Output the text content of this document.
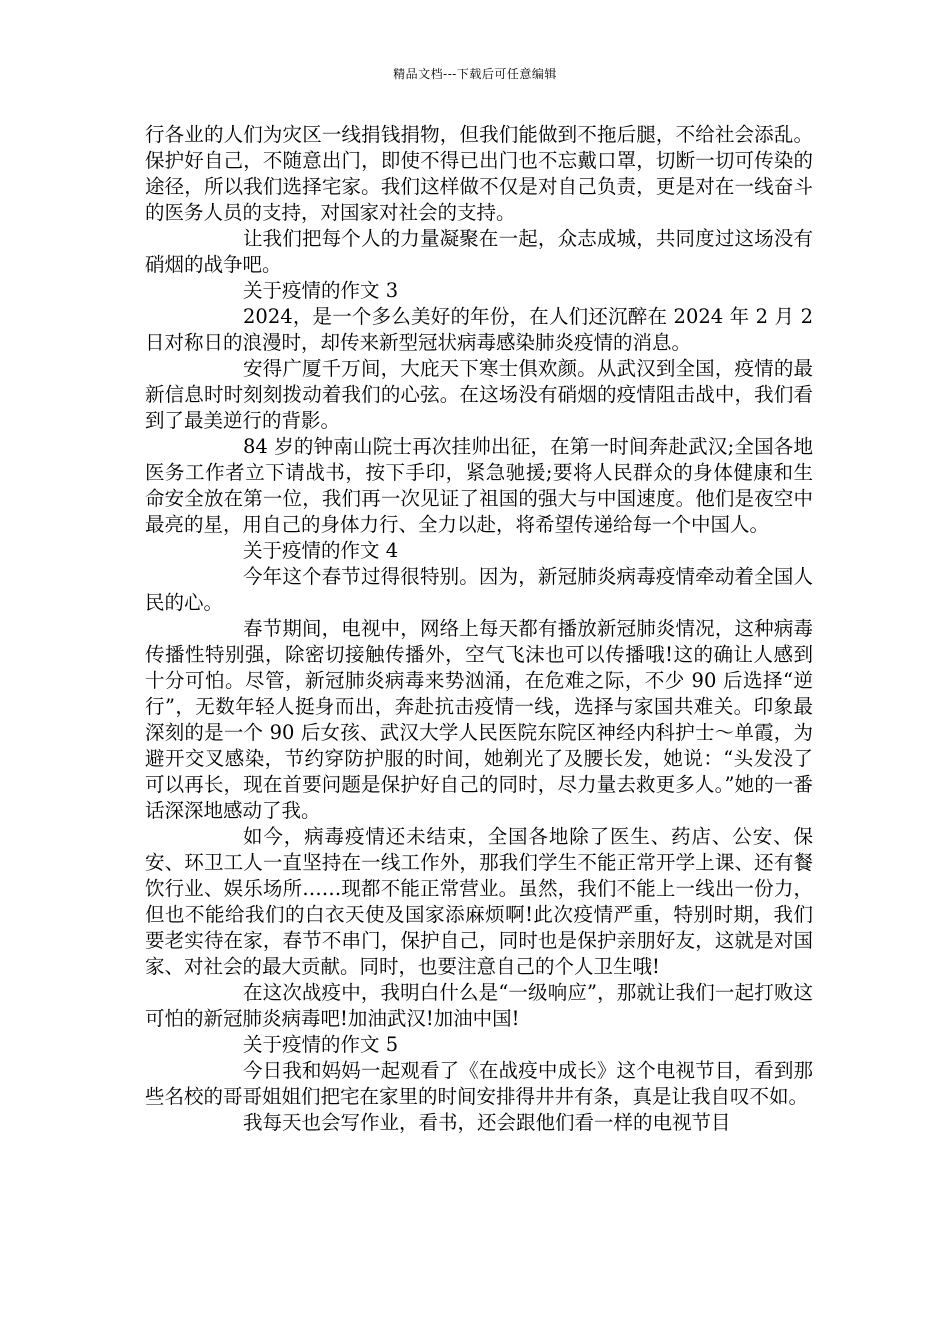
精品文档---下载后可任意编辑

行各业的人们为灾区一线捐钱捐物，但我们能做到不拖后腿，不给社会添乱。保护好自己，不随意出门，即使不得已出门也不忘戴口罩，切断一切可传染的途径，所以我们选择宅家。我们这样做不仅是对自己负责，更是对在一线奋斗的医务人员的支持，对国家对社会的支持。

让我们把每个人的力量凝聚在一起，众志成城，共同度过这场没有硝烟的战争吧。

关于疫情的作文 3

2024，是一个多么美好的年份，在人们还沉醉在 2024 年 2 月 2 日对称日的浪漫时，却传来新型冠状病毒感染肺炎疫情的消息。

安得广厦千万间，大庇天下寒士俱欢颜。从武汉到全国，疫情的最新信息时时刻刻拨动着我们的心弦。在这场没有硝烟的疫情阻击战中，我们看到了最美逆行的背影。

84 岁的钟南山院士再次挂帅出征，在第一时间奔赴武汉;全国各地医务工作者立下请战书，按下手印，紧急驰援;要将人民群众的身体健康和生命安全放在第一位，我们再一次见证了祖国的强大与中国速度。他们是夜空中最亮的星，用自己的身体力行、全力以赴，将希望传递给每一个中国人。

关于疫情的作文 4

今年这个春节过得很特别。因为，新冠肺炎病毒疫情牵动着全国人民的心。

春节期间，电视中，网络上每天都有播放新冠肺炎情况，这种病毒传播性特别强，除密切接触传播外，空气飞沫也可以传播哦!这的确让人感到十分可怕。尽管，新冠肺炎病毒来势汹涌，在危难之际，不少 90 后选择“逆行”，无数年轻人挺身而出，奔赴抗击疫情一线，选择与家国共难关。印象最深刻的是一个 90 后女孩、武汉大学人民医院东院区神经内科护士～单霞，为避开交叉感染，节约穿防护服的时间，她剃光了及腰长发，她说：“头发没了可以再长，现在首要问题是保护好自己的同时，尽力量去救更多人。”她的一番话深深地感动了我。

如今，病毒疫情还未结束，全国各地除了医生、药店、公安、保安、环卫工人一直坚持在一线工作外，那我们学生不能正常开学上课、还有餐饮行业、娱乐场所……现都不能正常营业。虽然，我们不能上一线出一份力，但也不能给我们的白衣天使及国家添麻烦啊!此次疫情严重，特别时期，我们要老实待在家，春节不串门，保护自己，同时也是保护亲朋好友，这就是对国家、对社会的最大贡献。同时，也要注意自己的个人卫生哦!

在这次战疫中，我明白什么是“一级响应”，那就让我们一起打败这可怕的新冠肺炎病毒吧!加油武汉!加油中国!

关于疫情的作文 5

今日我和妈妈一起观看了《在战疫中成长》这个电视节目，看到那些名校的哥哥姐姐们把宅在家里的时间安排得井井有条，真是让我自叹不如。

我每天也会写作业，看书，还会跟他们看一样的电视节目
